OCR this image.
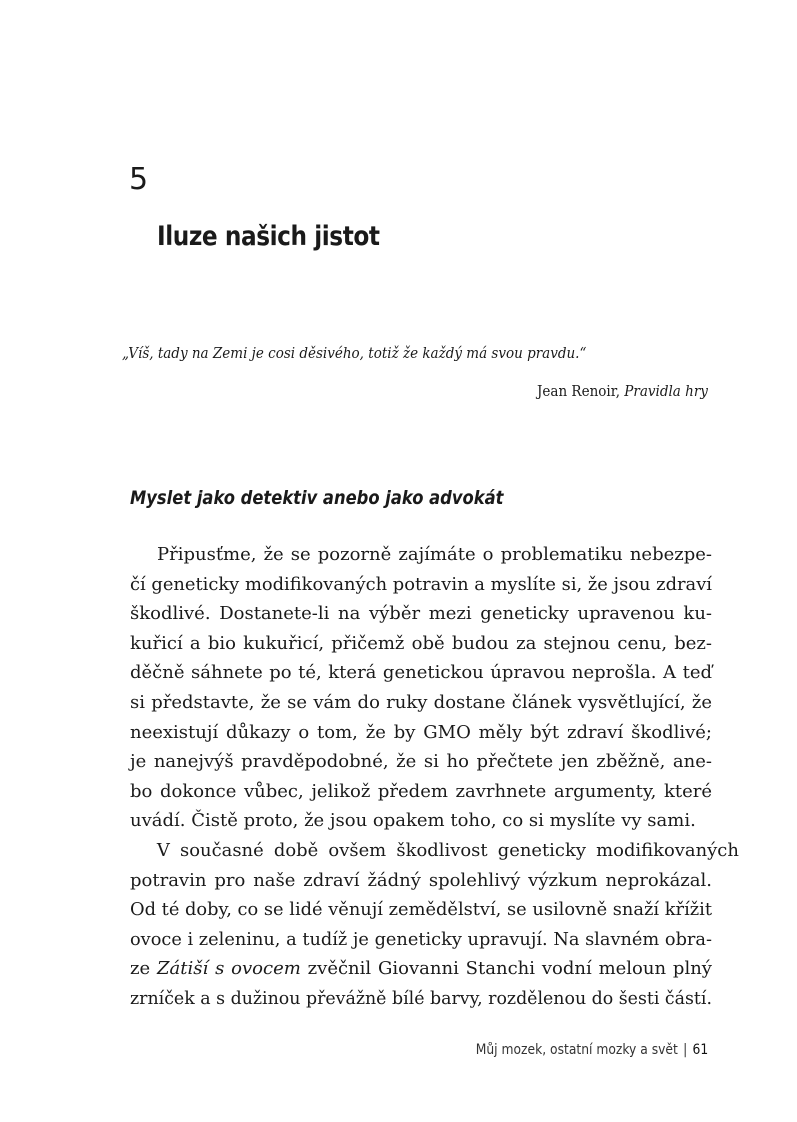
5
Iluze našich jistot
„Víš, tady na Zemi je cosi děsivého, totiž že každý má svou pravdu.“
Jean Renoir, Pravidla hry
Myslet jako detektiv anebo jako advokát
Připusťme, že se pozorně zajímáte o problematiku nebezpe-
čí geneticky modifikovaných potravin a myslíte si, že jsou zdraví
škodlivé. Dostanete-li na výběr mezi geneticky upravenou ku-
kuřicí a bio kukuřicí, přičemž obě budou za stejnou cenu, bez-
děčně sáhnete po té, která genetickou úpravou neprošla. A teď
si představte, že se vám do ruky dostane článek vysvětlující, že
neexistují důkazy o tom, že by GMO měly být zdraví škodlivé;
je nanejvýš pravděpodobné, že si ho přečtete jen zběžně, ane-
bo dokonce vůbec, jelikož předem zavrhnete argumenty, které
uvádí. Čistě proto, že jsou opakem toho, co si myslíte vy sami.
V současné době ovšem škodlivost geneticky modifikovaných
potravin pro naše zdraví žádný spolehlivý výzkum neprokázal.
Od té doby, co se lidé věnují zemědělství, se usilovně snaží křížit
ovoce i zeleninu, a tudíž je geneticky upravují. Na slavném obra-
ze Zátiší s ovocem zvěčnil Giovanni Stanchi vodní meloun plný
zrníček a s dužinou převážně bílé barvy, rozdělenou do šesti částí.
Můj mozek, ostatní mozky a svět | 61
